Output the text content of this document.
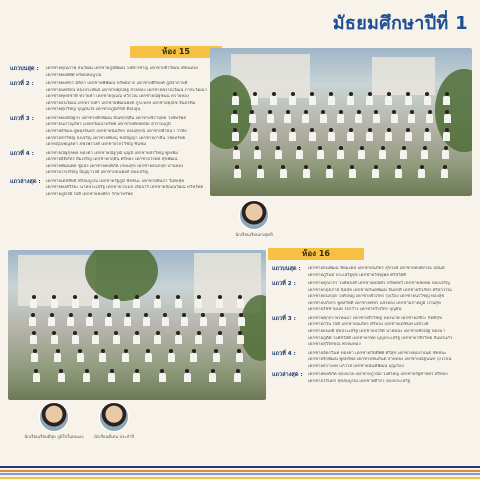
มัธยมศึกษาปีที่ 1
ห้อง 15
แถวบนสุด :	เด็กชายคุณภาพ ธนวัฒน์ เด็กชายภูมิพัฒน์ วงศ์ภาชาญ เด็กชายธีรวัฒน์ เทียนทอง
เด็กชายพงศ์พัศ ทรัพย์สมบูรณ์
แถวที่ 2 :	เด็กชายพงศกร มีลิลา เด็กชายพิพัฒน์ ทรัพย์มาก เด็กชายศิริพงศ์ ภูมิจ่าถายดี
เด็กชายนพรัตน์ ทองประพันธ์ เด็กชายศุภณัฐ สายทอง เด็กชายพรรณวัฒน์ ภาสะวัฒนา
เด็กชายพุทธชาติ ทรายคำ เด็กชายจุณณ์ ทวีรวณ เด็กชายณัฐชนน ทรายทอง
เด็กชายธนวัฒน์ เล็กทรายคำ เด็กชายพัฒนพงศ์ ภู่ระหงษ์ เด็กชายคุณัช จันทร์ทิม
เด็กชายศุภวิชญ์ บุญมั่นใจ เด็กชายภูมิภักดิ์ ดีอบอุ่น
แถวที่ 3 :	เด็กชายพงศ์ณัฐกร เด็กชายพีรพัฒน์ ปัณฑุรสุธิม เด็กชายจิรายุทธ วงศ์ทรัพย์
เด็กชายนภาณุภัทร มงคลวัฒนาทรัพย์ เด็กชายพัทธดนัย สุวรรณภูมิ
เด็กชายธัชมน ผู้พยุงจันทร์ เด็กชายนิลภัทร อ่อนสุขใจ เด็กชายธีรธนา วาทิย
เด็กชายสรวิชญ์ จงเจริญ เด็กชายพิษณุ ชลปัญญา เด็กชายภาคิน ไชยทรัพย์
เด็กหญิงเพ็ญลดา ภพไพรวงศ์ เด็กชายไกรวิชญ์ ชื่นชม
แถวที่ 4 :	เด็กชายณัฐกุลพล ทองคำ เด็กชายณัฐวุฒิ บุญมี เด็กชายสรวิชญ์ พูลเพิ่ม
เด็กชายธิติภัทร ยิ้มเจริญ เด็กชายกฤติน ศรีทอง เด็กชายวรพล สุขพัฒน์
เด็กชายพัฒนพล ชูแสง เด็กชายพงศ์ภัค เกษมสุข เด็กชายธนกฤต ปานทอง
เด็กชายวรปรัชญ์ ปัญญาวงศ์ เด็กชายธนพงศ์ ทองเจริญ
แถวล่างสุด :	เด็กชายเตชสิทธิ์ ศรีสมบูรณ์ เด็กชายรัฐภูมิ ชัยชนะ เด็กชายทินกร วิเศษสุข
เด็กชายพงศ์วิริยะ นาคประเสริฐ เด็กชายวรเมธ เอื้ออารี เด็กชายปัณณวัฒน์ ทวีทรัพย์
เด็กชายภูมิรพี ใจดี เด็กชายพงศ์ธร รักษาทรัพย์
นักเรียนเรียนเก่งสุดปี
ห้อง 16
นักเรียนเรียนดีสุด ภูมิใจในตนเอง	นักเรียนดีเด่น ประจำปี
แถวบนสุด :	เด็กชายธนพัฒน์ ชัยมงคล เด็กชายนภัทร สุขวงศ์ เด็กชายพงศ์ภรณ์ อนันต์
เด็กชายภูรินท์ ประเสริฐสุข เด็กชายวิชญ์พล ศรีสวัสดิ์
แถวที่ 2 :	เด็กชายคุณากร วงศ์ทองดี เด็กชายคณิศร ทรัพย์ทวี เด็กชายชยพล ทองเจริญ
เด็กชายกฤตภาส นิลสุข เด็กชายกันตพัฒน์ จันทร์ดี เด็กชายจิรภัทร ศรีสุวรรณ
เด็กชายธนกฤต วงศ์ใหญ่ เด็กชายธีรภัทร รุ่งเรือง เด็กชายนรวิชญ์ ทองสุข
เด็กชายปภังกร พูลสวัสดิ์ เด็กชายพชร แสงทอง เด็กชายภาคภูมิ ปานสุข
เด็กชายรัชชานนท์ ใจกว้าง เด็กชายวีรภัทร บุญยืน
แถวที่ 3 :	เด็กชายศุภกร พรหมมา เด็กชายสิรวิชญ์ ทองนาค เด็กชายอชิระ กิตติสุข
เด็กชายกวิน ใจดี เด็กชายณภัทร ศรีทอง เด็กชายเตชินท์ มณีวงศ์
เด็กชายธนบดี สุขประเสริฐ เด็กชายปวริศ นาคทอง เด็กชายพีรณัฐ ทองมา
เด็กชายภูดิศ วงศ์สวัสดิ์ เด็กชายรชต บุญประเสริฐ เด็กชายวชิรวิทย์ จันทร์แก้ว
เด็กชายสุวิจักขณ์ พรหมทอง
แถวที่ 4 :	เด็กชายอัครวินท์ ทองคำ เด็กชายกิตติพัศ ศรีสุข เด็กชายคุณานนต์ ชัยชนะ
เด็กชายจิรพัฒน์ พูลทรัพย์ เด็กชายชนกันต์ สายทอง เด็กชายณัฐนนท์ รุ่งโรจน์
เด็กชายธราเทพ แก้วใส เด็กชายนันทิพัฒน์ บุญเรือง
แถวล่างสุด :	เด็กชายพงศ์ภัค ทองนาค เด็กชายภูวนัย วงศ์ใหญ่ เด็กชายรัฐศาสตร์ ศรีทอง
เด็กชายวรินทร์ สุขสมบูรณ์ เด็กชายศิวกร ทองประเสริฐ
